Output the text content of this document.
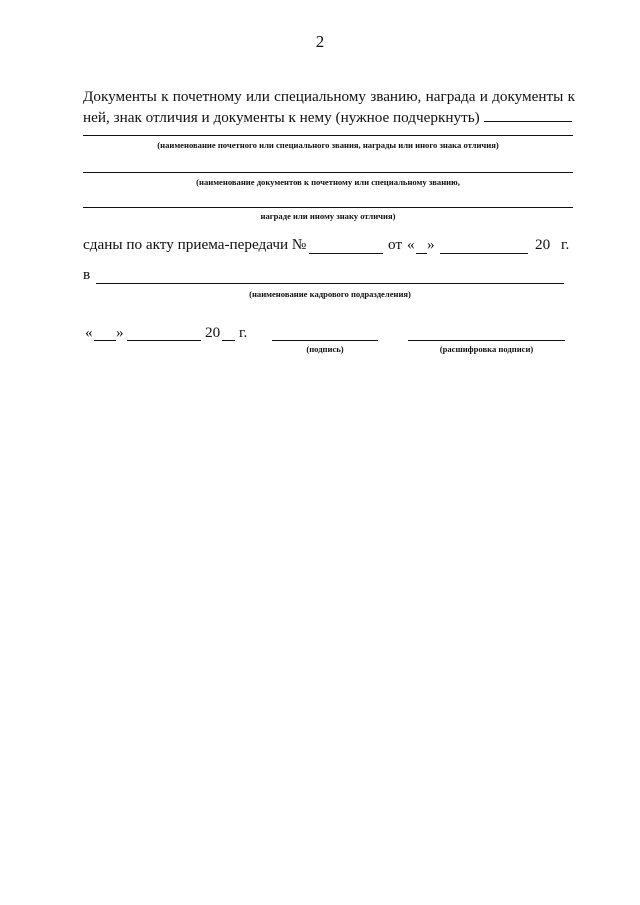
2
Документы к почетному или специальному званию, награда и документы к ней, знак отличия и документы к нему (нужное подчеркнуть)
(наименование почетного или специального звания, награды или иного знака отличия)
(наименование документов к почетному или специальному званию,
награде или иному знаку отличия)
сданы по акту приема-передачи №	от « »	20 г.
в
(наименование кадрового подразделения)
« »	20 г.
(подпись)	(расшифровка подписи)
